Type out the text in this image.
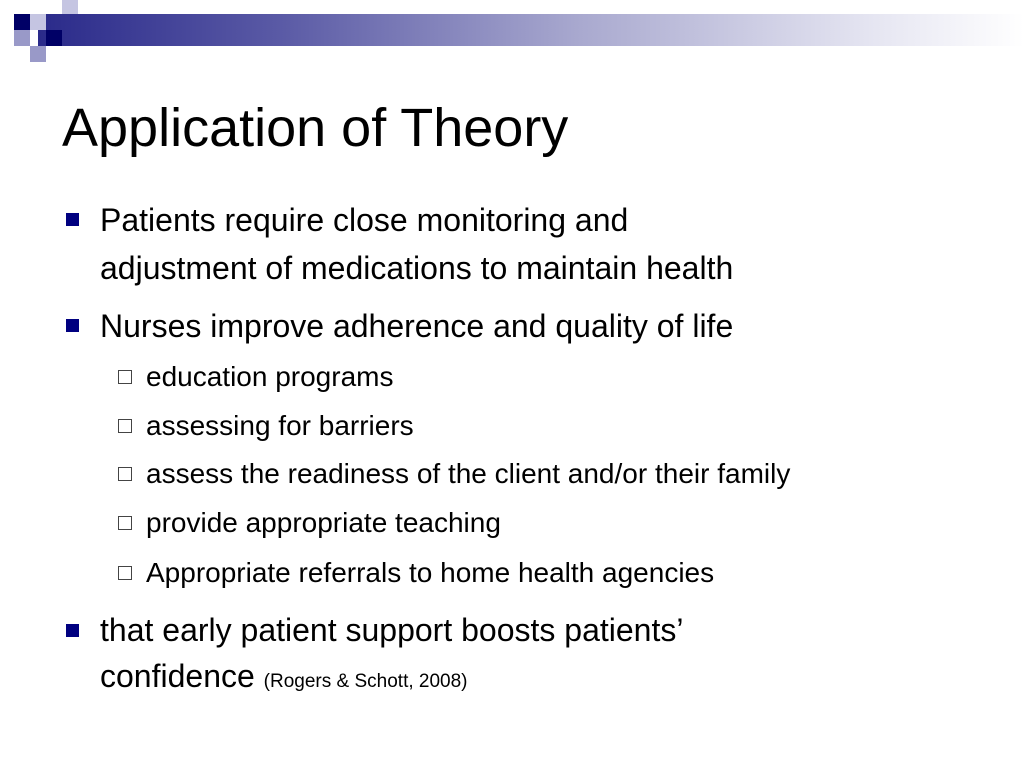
Application of Theory
Patients require close monitoring and
adjustment of medications to maintain health
Nurses improve adherence and quality of life
education programs
assessing for barriers
assess the readiness of the client and/or their family
provide appropriate teaching
Appropriate referrals to home health agencies
that early patient support boosts patients’
confidence (Rogers & Schott, 2008)
